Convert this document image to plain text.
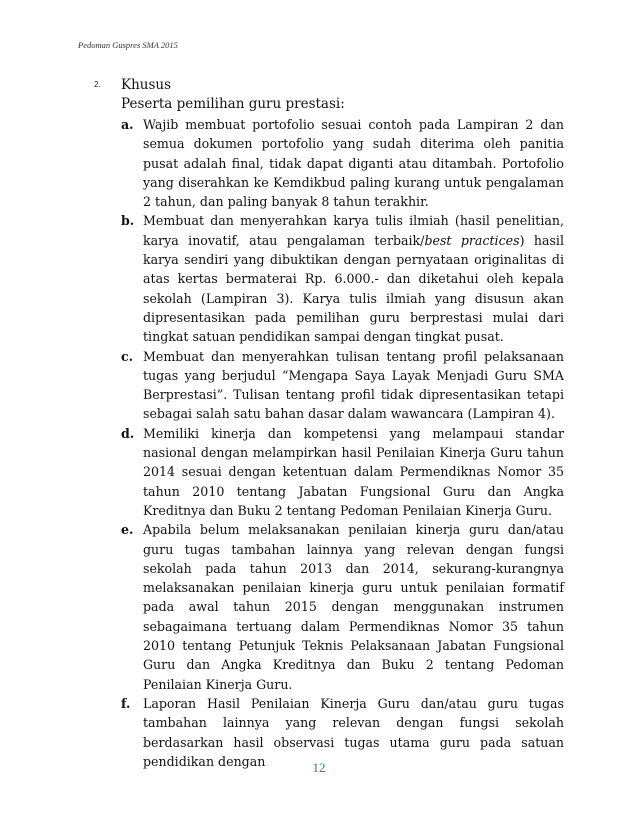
Pedoman Guspres SMA 2015
2. Khusus
Peserta pemilihan guru prestasi:
a. Wajib membuat portofolio sesuai contoh pada Lampiran 2 dan semua dokumen portofolio yang sudah diterima oleh panitia pusat adalah final, tidak dapat diganti atau ditambah. Portofolio yang diserahkan ke Kemdikbud paling kurang untuk pengalaman 2 tahun, dan paling banyak 8 tahun terakhir.
b. Membuat dan menyerahkan karya tulis ilmiah (hasil penelitian, karya inovatif, atau pengalaman terbaik/best practices) hasil karya sendiri yang dibuktikan dengan pernyataan originalitas di atas kertas bermaterai Rp. 6.000.- dan diketahui oleh kepala sekolah (Lampiran 3). Karya tulis ilmiah yang disusun akan dipresentasikan pada pemilihan guru berprestasi mulai dari tingkat satuan pendidikan sampai dengan tingkat pusat.
c. Membuat dan menyerahkan tulisan tentang profil pelaksanaan tugas yang berjudul “Mengapa Saya Layak Menjadi Guru SMA Berprestasi”. Tulisan tentang profil tidak dipresentasikan tetapi sebagai salah satu bahan dasar dalam wawancara (Lampiran 4).
d. Memiliki kinerja dan kompetensi yang melampaui standar nasional dengan melampirkan hasil Penilaian Kinerja Guru tahun 2014 sesuai dengan ketentuan dalam Permendiknas Nomor 35 tahun 2010 tentang Jabatan Fungsional Guru dan Angka Kreditnya dan Buku 2 tentang Pedoman Penilaian Kinerja Guru.
e. Apabila belum melaksanakan penilaian kinerja guru dan/atau guru tugas tambahan lainnya yang relevan dengan fungsi sekolah pada tahun 2013 dan 2014, sekurang-kurangnya melaksanakan penilaian kinerja guru untuk penilaian formatif pada awal tahun 2015 dengan menggunakan instrumen sebagaimana tertuang dalam Permendiknas Nomor 35 tahun 2010 tentang Petunjuk Teknis Pelaksanaan Jabatan Fungsional Guru dan Angka Kreditnya dan Buku 2 tentang Pedoman Penilaian Kinerja Guru.
f. Laporan Hasil Penilaian Kinerja Guru dan/atau guru tugas tambahan lainnya yang relevan dengan fungsi sekolah berdasarkan hasil observasi tugas utama guru pada satuan pendidikan dengan	12
